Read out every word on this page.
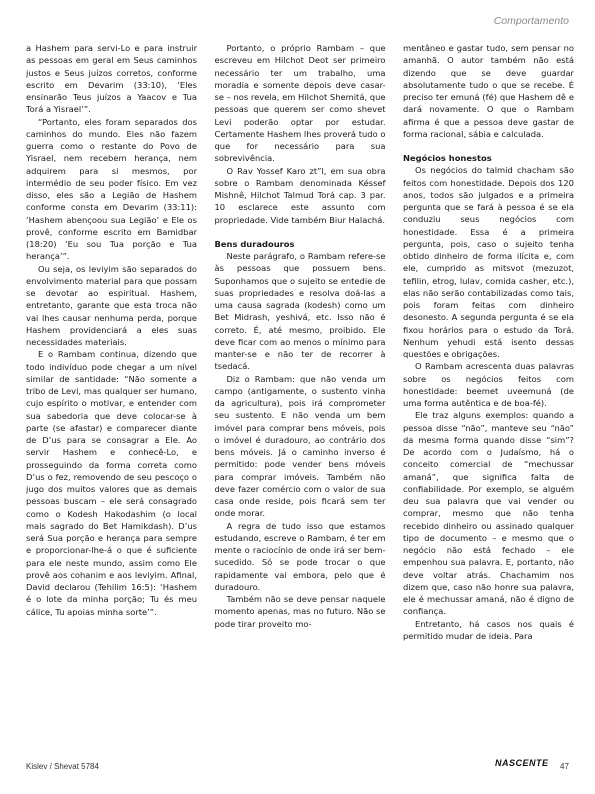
Comportamento

a Hashem para servi-Lo e para instruir as pessoas em geral em Seus caminhos justos e Seus juízos corretos, conforme escrito em Devarim (33:10), ‘Eles ensinarão Teus juízos a Yaacov e Tua Torá a Yisrael’”.

“Portanto, eles foram separados dos caminhos do mundo. Eles não fazem guerra como o restante do Povo de Yisrael, nem recebem herança, nem adquirem para si mesmos, por intermédio de seu poder físico. Em vez disso, eles são a Legião de Hashem conforme consta em Devarim (33:11): ‘Hashem abençoou sua Legião’ e Ele os provê, conforme escrito em Bamidbar (18:20) ‘Eu sou Tua porção e Tua herança’”.

Ou seja, os leviyim são separados do envolvimento material para que possam se devotar ao espiritual. Hashem, entretanto, garante que esta troca não vai lhes causar nenhuma perda, porque Hashem providenciará a eles suas necessidades materiais.

E o Rambam continua, dizendo que todo indivíduo pode chegar a um nível similar de santidade: “Não somente a tribo de Levi, mas qualquer ser humano, cujo espírito o motivar, e entender com sua sabedoria que deve colocar-se à parte (se afastar) e comparecer diante de D’us para se consagrar a Ele. Ao servir Hashem e conhecê-Lo, e prosseguindo da forma correta como D’us o fez, removendo de seu pescoço o jugo dos muitos valores que as demais pessoas buscam – ele será consagrado como o Kodesh Hakodashim (o local mais sagrado do Bet Hamikdash). D’us será Sua porção e herança para sempre e proporcionar-lhe-á o que é suficiente para ele neste mundo, assim como Ele provê aos cohanim e aos leviyim. Afinal, David declarou (Tehilim 16:5): ‘Hashem é o lote da minha porção; Tu és meu cálice, Tu apoias minha sorte’”.

Portanto, o próprio Rambam – que escreveu em Hilchot Deot ser primeiro necessário ter um trabalho, uma moradia e somente depois deve casar-se – nos revela, em Hilchot Shemitá, que pessoas que querem ser como shevet Levi poderão optar por estudar. Certamente Hashem lhes proverá tudo o que for necessário para sua sobrevivência.

O Rav Yossef Karo zt”l, em sua obra sobre o Rambam denominada Késsef Mishnê, Hilchot Talmud Torá cap. 3 par. 10 esclarece este assunto com propriedade. Vide também Biur Halachá.

Bens duradouros

Neste parágrafo, o Rambam refere-se às pessoas que possuem bens. Suponhamos que o sujeito se entedie de suas propriedades e resolva doá-las a uma causa sagrada (kodesh) como um Bet Midrash, yeshivá, etc. Isso não é correto. É, até mesmo, proibido. Ele deve ficar com ao menos o mínimo para manter-se e não ter de recorrer à tsedacá.

Diz o Rambam: que não venda um campo (antigamente, o sustento vinha da agricultura), pois irá comprometer seu sustento. E não venda um bem imóvel para comprar bens móveis, pois o imóvel é duradouro, ao contrário dos bens móveis. Já o caminho inverso é permitido: pode vender bens móveis para comprar imóveis. Também não deve fazer comércio com o valor de sua casa onde reside, pois ficará sem ter onde morar.

A regra de tudo isso que estamos estudando, escreve o Rambam, é ter em mente o raciocínio de onde irá ser bem-sucedido. Só se pode trocar o que rapidamente vai embora, pelo que é duradouro.

Também não se deve pensar naquele momento apenas, mas no futuro. Não se pode tirar proveito mo-

mentâneo e gastar tudo, sem pensar no amanhã. O autor também não está dizendo que se deve guardar absolutamente tudo o que se recebe. É preciso ter emuná (fé) que Hashem dê e dará novamente. O que o Rambam afirma é que a pessoa deve gastar de forma racional, sábia e calculada.

Negócios honestos

Os negócios do talmid chacham são feitos com honestidade. Depois dos 120 anos, todos são julgados e a primeira pergunta que se fará à pessoa é se ela conduziu seus negócios com honestidade. Essa é a primeira pergunta, pois, caso o sujeito tenha obtido dinheiro de forma ilícita e, com ele, cumprido as mitsvot (mezuzot, tefilin, etrog, lulav, comida casher, etc.), elas não serão contabilizadas como tais, pois foram feitas com dinheiro desonesto. A segunda pergunta é se ela fixou horários para o estudo da Torá. Nenhum yehudi está isento dessas questões e obrigações.

O Rambam acrescenta duas palavras sobre os negócios feitos com honestidade: beemet uveemuná (de uma forma autêntica e de boa-fé).

Ele traz alguns exemplos: quando a pessoa disse “não”, manteve seu “não” da mesma forma quando disse “sim”? De acordo com o Judaísmo, há o conceito comercial de “mechussar amaná”, que significa falta de confiabilidade. Por exemplo, se alguém deu sua palavra que vai vender ou comprar, mesmo que não tenha recebido dinheiro ou assinado qualquer tipo de documento – e mesmo que o negócio não está fechado – ele empenhou sua palavra. E, portanto, não deve voltar atrás. Chachamim nos dizem que, caso não honre sua palavra, ele é mechussar amaná, não é digno de confiança.

Entretanto, há casos nos quais é permitido mudar de ideia. Para

Kislev / Shevat 5784	NASCENTE 47
